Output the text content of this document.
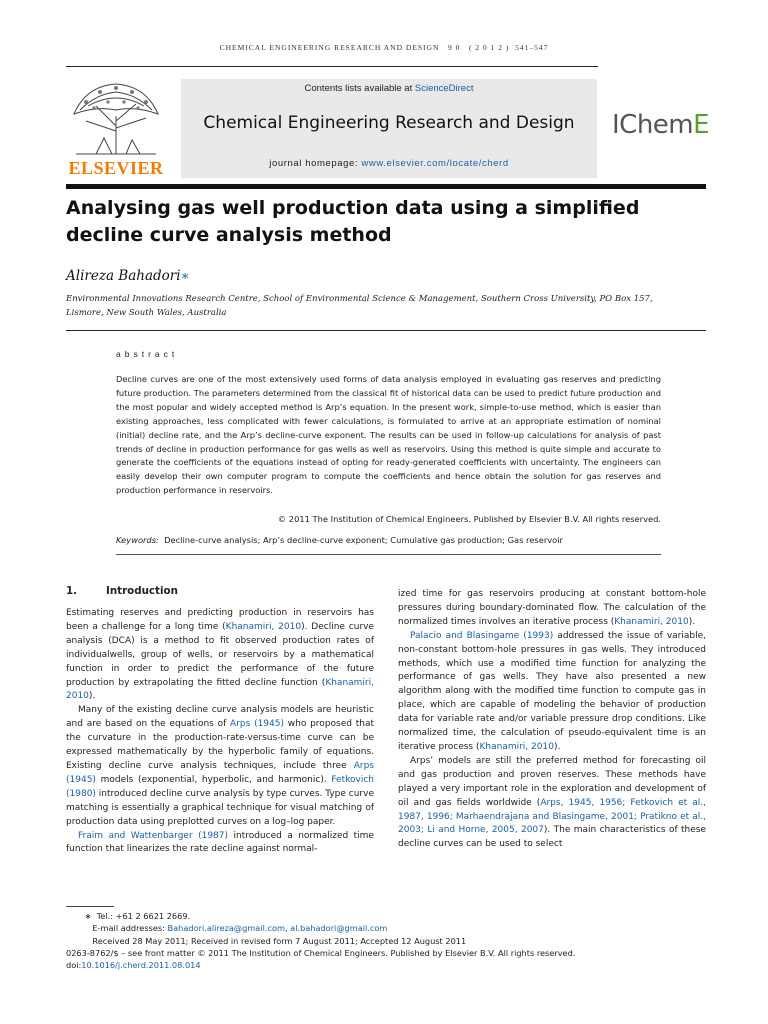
CHEMICAL ENGINEERING RESEARCH AND DESIGN 9 0 ( 2 0 1 2 ) 541–547
ELSEVIER
Contents lists available at ScienceDirect
Chemical Engineering Research and Design
journal homepage: www.elsevier.com/locate/cherd
IChemE
Analysing gas well production data using a simplified decline curve analysis method
Alireza Bahadori∗
Environmental Innovations Research Centre, School of Environmental Science & Management, Southern Cross University, PO Box 157,
Lismore, New South Wales, Australia
abstract
Decline curves are one of the most extensively used forms of data analysis employed in evaluating gas reserves and predicting future production. The parameters determined from the classical fit of historical data can be used to predict future production and the most popular and widely accepted method is Arp’s equation. In the present work, simple-to-use method, which is easier than existing approaches, less complicated with fewer calculations, is formulated to arrive at an appropriate estimation of nominal (initial) decline rate, and the Arp’s decline-curve exponent. The results can be used in follow-up calculations for analysis of past trends of decline in production performance for gas wells as well as reservoirs. Using this method is quite simple and accurate to generate the coefficients of the equations instead of opting for ready-generated coefficients with uncertainty. The engineers can easily develop their own computer program to compute the coefficients and hence obtain the solution for gas reserves and production performance in reservoirs.
© 2011 The Institution of Chemical Engineers. Published by Elsevier B.V. All rights reserved.
Keywords: Decline-curve analysis; Arp’s decline-curve exponent; Cumulative gas production; Gas reservoir
1.	Introduction

Estimating reserves and predicting production in reservoirs has been a challenge for a long time (Khanamiri, 2010). Decline curve analysis (DCA) is a method to fit observed production rates of individualwells, group of wells, or reservoirs by a mathematical function in order to predict the performance of the future production by extrapolating the fitted decline function (Khanamiri, 2010).

Many of the existing decline curve analysis models are heuristic and are based on the equations of Arps (1945) who proposed that the curvature in the production-rate-versus-time curve can be expressed mathematically by the hyperbolic family of equations. Existing decline curve analysis techniques, include three Arps (1945) models (exponential, hyperbolic, and harmonic). Fetkovich (1980) introduced decline curve analysis by type curves. Type curve matching is essentially a graphical technique for visual matching of production data using preplotted curves on a log–log paper.

Fraim and Wattenbarger (1987) introduced a normalized time function that linearizes the rate decline against normal-

ized time for gas reservoirs producing at constant bottom-hole pressures during boundary-dominated flow. The calculation of the normalized times involves an iterative process (Khanamiri, 2010).

Palacio and Blasingame (1993) addressed the issue of variable, non-constant bottom-hole pressures in gas wells. They introduced methods, which use a modified time function for analyzing the performance of gas wells. They have also presented a new algorithm along with the modified time function to compute gas in place, which are capable of modeling the behavior of production data for variable rate and/or variable pressure drop conditions. Like normalized time, the calculation of pseudo-equivalent time is an iterative process (Khanamiri, 2010).

Arps’ models are still the preferred method for forecasting oil and gas production and proven reserves. These methods have played a very important role in the exploration and development of oil and gas fields worldwide (Arps, 1945, 1956; Fetkovich et al., 1987, 1996; Marhaendrajana and Blasingame, 2001; Pratikno et al., 2003; Li and Horne, 2005, 2007). The main characteristics of these decline curves can be used to select

∗ Tel.: +61 2 6621 2669.
E-mail addresses: Bahadori.alireza@gmail.com, al.bahadori@gmail.com
Received 28 May 2011; Received in revised form 7 August 2011; Accepted 12 August 2011
0263-8762/$ – see front matter © 2011 The Institution of Chemical Engineers. Published by Elsevier B.V. All rights reserved.
doi:10.1016/j.cherd.2011.08.014
